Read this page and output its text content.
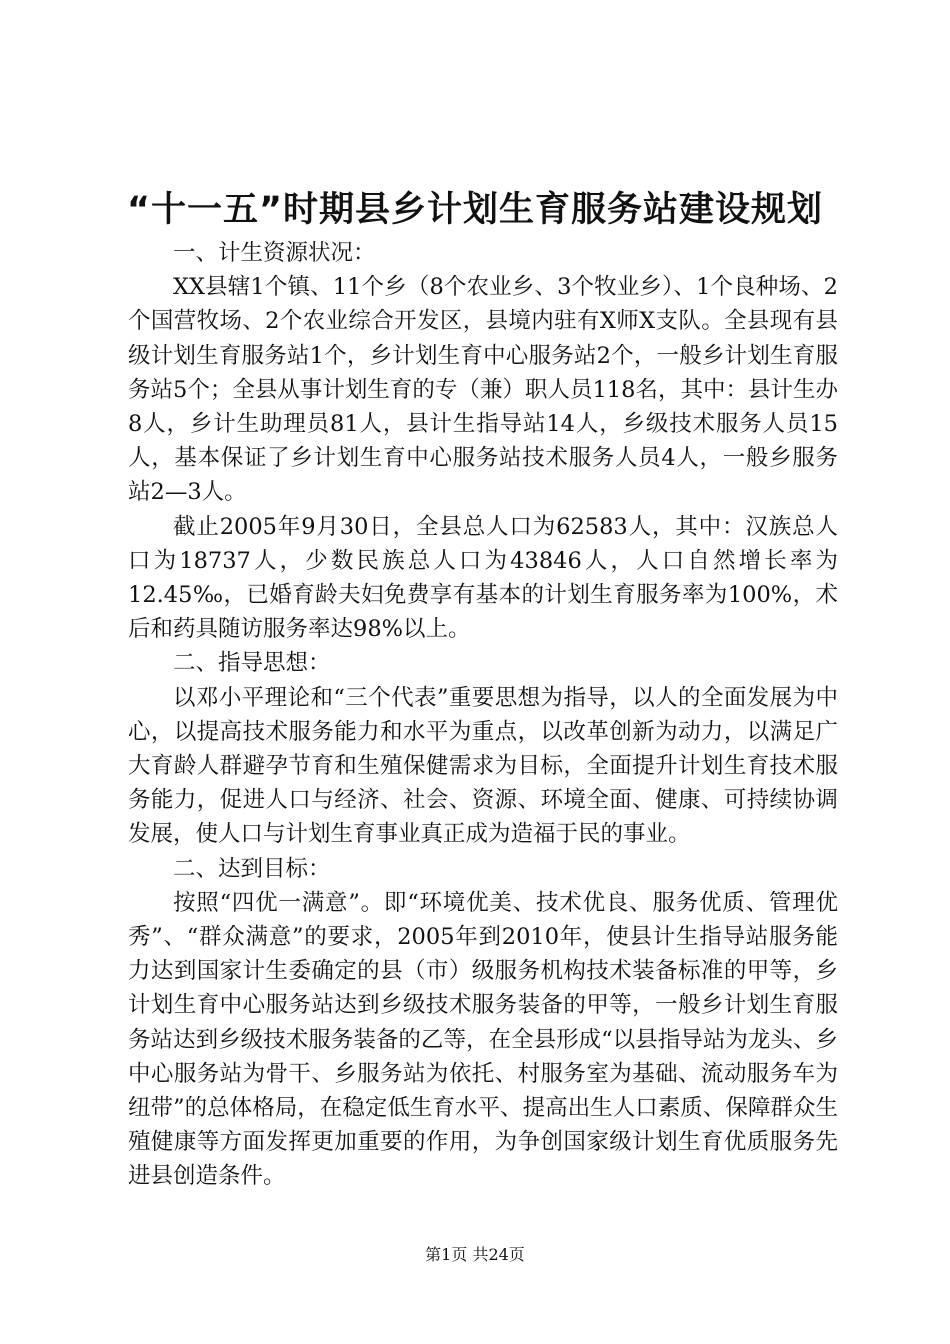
“十一五”时期县乡计划生育服务站建设规划

一、计生资源状况：

XX县辖1个镇、11个乡（8个农业乡、3个牧业乡）、1个良种场、2个国营牧场、2个农业综合开发区，县境内驻有X师X支队。全县现有县级计划生育服务站1个，乡计划生育中心服务站2个，一般乡计划生育服务站5个；全县从事计划生育的专（兼）职人员118名，其中：县计生办8人，乡计生助理员81人，县计生指导站14人，乡级技术服务人员15人，基本保证了乡计划生育中心服务站技术服务人员4人，一般乡服务站2—3人。

截止2005年9月30日，全县总人口为62583人，其中：汉族总人口为18737人，少数民族总人口为43846人，人口自然增长率为12.45‰，已婚育龄夫妇免费享有基本的计划生育服务率为100%，术后和药具随访服务率达98%以上。

二、指导思想：

以邓小平理论和“三个代表”重要思想为指导，以人的全面发展为中心，以提高技术服务能力和水平为重点，以改革创新为动力，以满足广大育龄人群避孕节育和生殖保健需求为目标，全面提升计划生育技术服务能力，促进人口与经济、社会、资源、环境全面、健康、可持续协调发展，使人口与计划生育事业真正成为造福于民的事业。

二、达到目标：

按照“四优一满意”。即“环境优美、技术优良、服务优质、管理优秀”、“群众满意”的要求，2005年到2010年，使县计生指导站服务能力达到国家计生委确定的县（市）级服务机构技术装备标准的甲等，乡计划生育中心服务站达到乡级技术服务装备的甲等，一般乡计划生育服务站达到乡级技术服务装备的乙等，在全县形成“以县指导站为龙头、乡中心服务站为骨干、乡服务站为依托、村服务室为基础、流动服务车为纽带”的总体格局，在稳定低生育水平、提高出生人口素质、保障群众生殖健康等方面发挥更加重要的作用，为争创国家级计划生育优质服务先进县创造条件。

第1页 共24页
